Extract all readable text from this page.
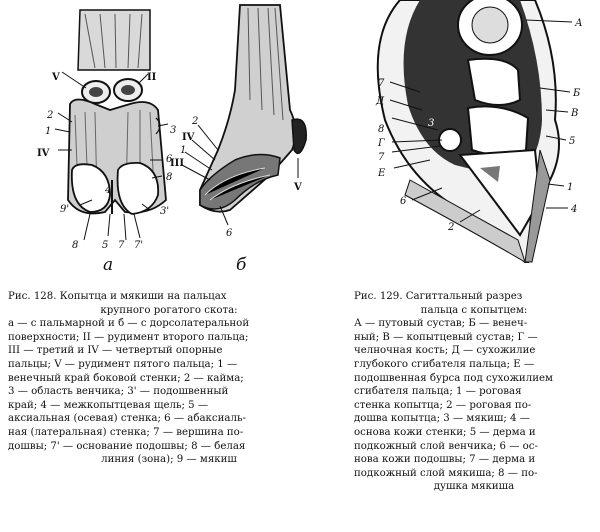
V	II
2
1
IV
3
6
8
9'
4
3'
8 5 7 7'
а
2
IV
1
III
V
6
б
7
Д
8
Г
7
Е
6
2
А
Б
В
5
1
4
3

Рис. 128. Копытца и мякиши на пальцах

крупного рогатого скота:

а — с пальмарной и б — с дорсолатеральной

поверхности; II — рудимент второго пальца;

III — третий и IV — четвертый опорные

пальцы; V — рудимент пятого пальца; 1 —

венечный край боковой стенки; 2 — кайма;

3 — область венчика; 3' — подошвенный

край; 4 — межкопытцевая щель; 5 —

аксиальная (осевая) стенка; 6 — абаксиаль-

ная (латеральная) стенка; 7 — вершина по-

дошвы; 7' — основание подошвы; 8 — белая

линия (зона); 9 — мякиш

Рис. 129. Сагиттальный разрез

пальца с копытцем:

А — путовый сустав; Б — венеч-

ный; В — копытцевый сустав; Г —

челночная кость; Д — сухожилие

глубокого сгибателя пальца; Е —

подошвенная бурса под сухожилием

сгибателя пальца; 1 — роговая

стенка копытца; 2 — роговая по-

дошва копытца; 3 — мякиш; 4 —

основа кожи стенки; 5 — дерма и

подкожный слой венчика; 6 — ос-

нова кожи подошвы; 7 — дерма и

подкожный слой мякиша; 8 — по-

душка мякиша
